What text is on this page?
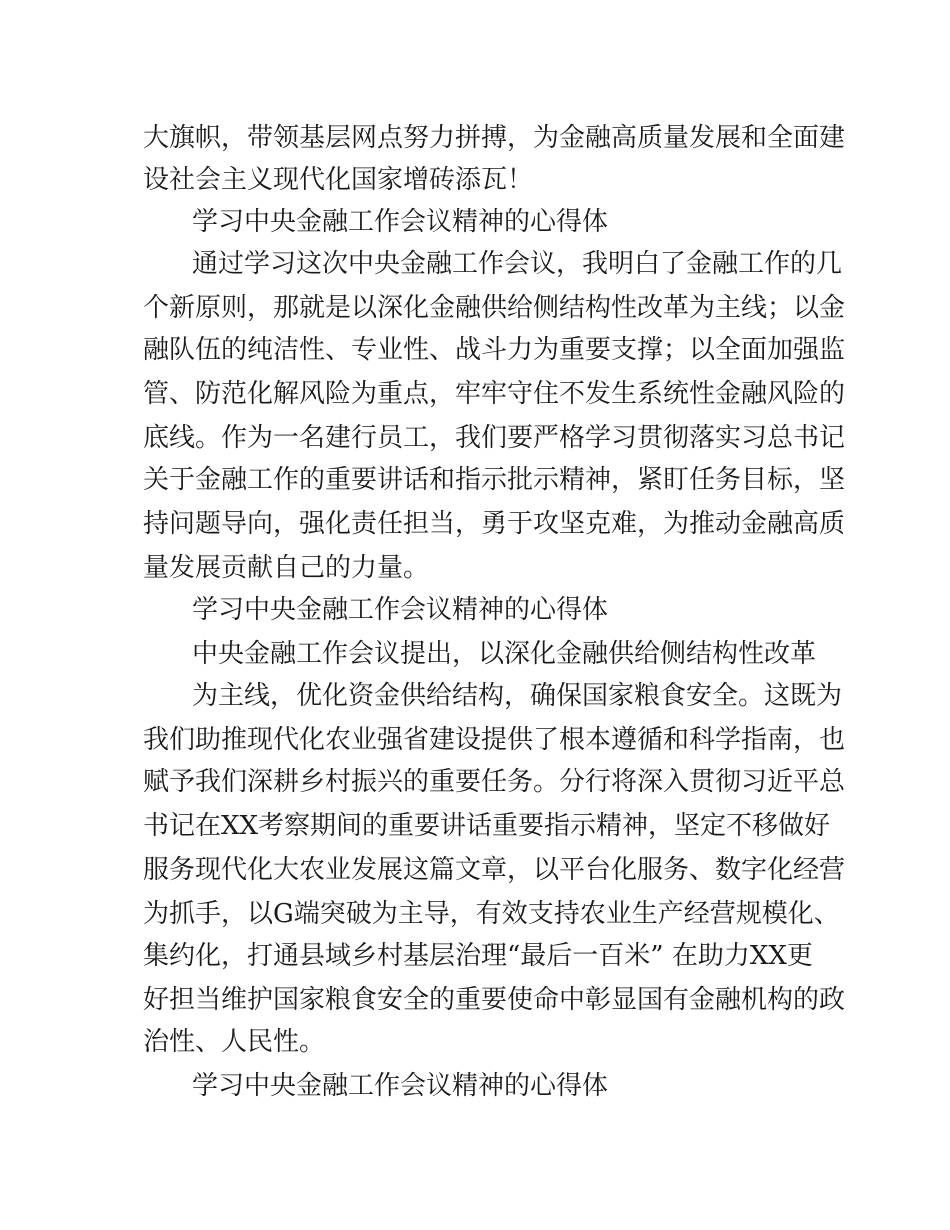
大旗帜，带领基层网点努力拼搏，为金融高质量发展和全面建
设社会主义现代化国家增砖添瓦！
学习中央金融工作会议精神的心得体
通过学习这次中央金融工作会议，我明白了金融工作的几
个新原则，那就是以深化金融供给侧结构性改革为主线；以金
融队伍的纯洁性、专业性、战斗力为重要支撑；以全面加强监
管、防范化解风险为重点，牢牢守住不发生系统性金融风险的
底线。作为一名建行员工，我们要严格学习贯彻落实习总书记
关于金融工作的重要讲话和指示批示精神，紧盯任务目标，坚
持问题导向，强化责任担当，勇于攻坚克难，为推动金融高质
量发展贡献自己的力量。
学习中央金融工作会议精神的心得体
中央金融工作会议提出，以深化金融供给侧结构性改革
为主线，优化资金供给结构，确保国家粮食安全。这既为
我们助推现代化农业强省建设提供了根本遵循和科学指南，也
赋予我们深耕乡村振兴的重要任务。分行将深入贯彻习近平总
书记在XX考察期间的重要讲话重要指示精神，坚定不移做好
服务现代化大农业发展这篇文章，以平台化服务、数字化经营
为抓手，以G端突破为主导，有效支持农业生产经营规模化、
集约化，打通县域乡村基层治理“最后一百米” 在助力XX更
好担当维护国家粮食安全的重要使命中彰显国有金融机构的政
治性、人民性。
学习中央金融工作会议精神的心得体
